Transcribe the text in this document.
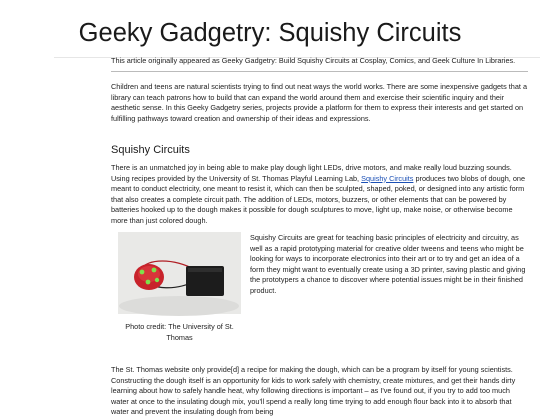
Geeky Gadgetry: Squishy Circuits

This article originally appeared as Geeky Gadgetry: Build Squishy Circuits at Cosplay, Comics, and Geek Culture In Libraries.

Children and teens are natural scientists trying to find out neat ways the world works. There are some inexpensive gadgets that a library can teach patrons how to build that can expand the world around them and exercise their scientific inquiry and their aesthetic sense. In this Geeky Gadgetry series, projects provide a platform for them to express their interests and get started on fulfilling pathways toward creation and ownership of their ideas and expressions.

Squishy Circuits

There is an unmatched joy in being able to make play dough light LEDs, drive motors, and make really loud buzzing sounds. Using recipes provided by the University of St. Thomas Playful Learning Lab, Squishy Circuits produces two blobs of dough, one meant to conduct electricity, one meant to resist it, which can then be sculpted, shaped, poked, or designed into any artistic form that also creates a complete circuit path. The addition of LEDs, motors, buzzers, or other elements that can be powered by batteries hooked up to the dough makes it possible for dough sculptures to move, light up, make noise, or otherwise become more than just colored dough.

Photo credit: The University of St. Thomas

Squishy Circuits are great for teaching basic principles of electricity and circuitry, as well as a rapid prototyping material for creative older tweens and teens who might be looking for ways to incorporate electronics into their art or to try and get an idea of a form they might want to eventually create using a 3D printer, saving plastic and giving the prototypers a chance to discover where potential issues might be in their finished product.

The St. Thomas website only provide[d] a recipe for making the dough, which can be a program by itself for young scientists. Constructing the dough itself is an opportunity for kids to work safely with chemistry, create mixtures, and get their hands dirty learning about how to safely handle heat, why following directions is important – as I've found out, if you try to add too much water at once to the insulating dough mix, you'll spend a really long time trying to add enough flour back into it to absorb that water and prevent the insulating dough from being
